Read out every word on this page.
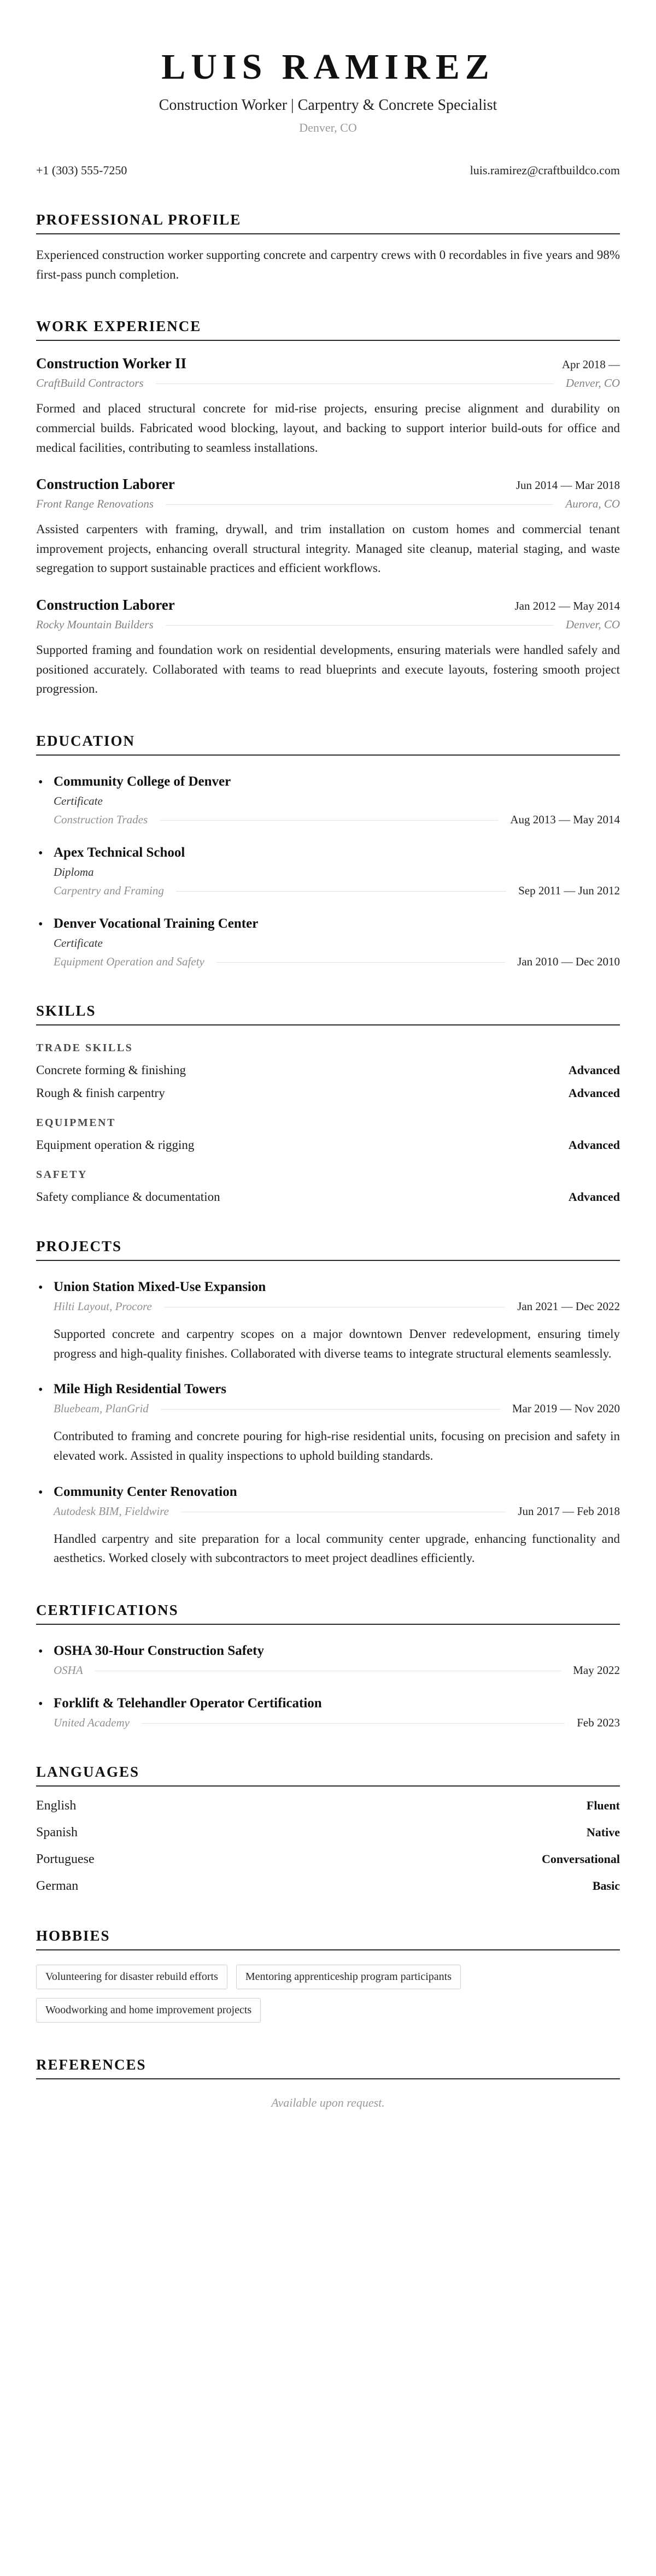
LUIS RAMIREZ
Construction Worker | Carpentry & Concrete Specialist
Denver, CO
+1 (303) 555-7250	luis.ramirez@craftbuildco.com
PROFESSIONAL PROFILE

Experienced construction worker supporting concrete and carpentry crews with 0 recordables in five years and 98% first-pass punch completion.

WORK EXPERIENCE
Construction Worker II	Apr 2018 —
CraftBuild Contractors	Denver, CO

Formed and placed structural concrete for mid-rise projects, ensuring precise alignment and durability on commercial builds. Fabricated wood blocking, layout, and backing to support interior build-outs for office and medical facilities, contributing to seamless installations.

Construction Laborer	Jun 2014 — Mar 2018
Front Range Renovations	Aurora, CO

Assisted carpenters with framing, drywall, and trim installation on custom homes and commercial tenant improvement projects, enhancing overall structural integrity. Managed site cleanup, material staging, and waste segregation to support sustainable practices and efficient workflows.

Construction Laborer	Jan 2012 — May 2014
Rocky Mountain Builders	Denver, CO

Supported framing and foundation work on residential developments, ensuring materials were handled safely and positioned accurately. Collaborated with teams to read blueprints and execute layouts, fostering smooth project progression.

EDUCATION
• Community College of Denver
Certificate
Construction Trades	Aug 2013 — May 2014
• Apex Technical School
Diploma
Carpentry and Framing	Sep 2011 — Jun 2012
• Denver Vocational Training Center
Certificate
Equipment Operation and Safety	Jan 2010 — Dec 2010
SKILLS
TRADE SKILLS
Concrete forming & finishing	Advanced
Rough & finish carpentry	Advanced
EQUIPMENT
Equipment operation & rigging	Advanced
SAFETY
Safety compliance & documentation	Advanced
PROJECTS
• Union Station Mixed-Use Expansion
Hilti Layout, Procore	Jan 2021 — Dec 2022

Supported concrete and carpentry scopes on a major downtown Denver redevelopment, ensuring timely progress and high-quality finishes. Collaborated with diverse teams to integrate structural elements seamlessly.

• Mile High Residential Towers
Bluebeam, PlanGrid	Mar 2019 — Nov 2020

Contributed to framing and concrete pouring for high-rise residential units, focusing on precision and safety in elevated work. Assisted in quality inspections to uphold building standards.

• Community Center Renovation
Autodesk BIM, Fieldwire	Jun 2017 — Feb 2018

Handled carpentry and site preparation for a local community center upgrade, enhancing functionality and aesthetics. Worked closely with subcontractors to meet project deadlines efficiently.

CERTIFICATIONS
• OSHA 30-Hour Construction Safety
OSHA	May 2022
• Forklift & Telehandler Operator Certification
United Academy	Feb 2023
LANGUAGES
English	Fluent
Spanish	Native
Portuguese	Conversational
German	Basic
HOBBIES
Volunteering for disaster rebuild efforts	Mentoring apprenticeship program participants
Woodworking and home improvement projects
REFERENCES

Available upon request.
